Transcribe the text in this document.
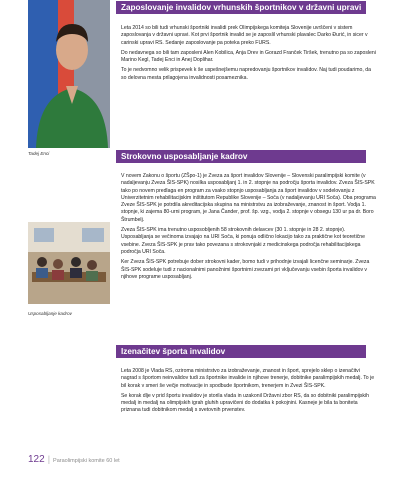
Tadej Enci
Usposabljanje kadrov
Zaposlovanje invalidov vrhunskih športnikov v državni upravi

Leta 2014 so bili tudi vrhunski športniki invalidi prek Olimpijskega komiteja Slovenije uvrščeni v sistem zaposlovanja v državni upravi. Kot prvi športnik invalid se je zaposlil vrhunski plavalec Darko Đurić, in sicer v carinski upravi RS. Sedanje zaposlovanje pa poteka preko FURS.

Do nedavnega so bili tam zaposleni Alen Kobilica, Anja Drev in Gorazd Franček Tiršek, trenutno pa so zaposleni Marino Kegl, Tadej Enci in Anej Doplihar.

To je nedvomno velik prispevek k še uspešnejšemu napredovanju športnikov invalidov. Naj tudi poudarimo, da so delovna mesta prilagojena invalidnosti posameznika.

Strokovno usposabljanje kadrov

V novem Zakonu o športu (ZŠpo-1) je Zveza za šport invalidov Slovenije – Slovenski paralimpijski komite (v nadaljevanju Zveza ŠIS-SPK) nosilka usposabljanj 1. in 2. stopnje na področju športa invalidov. Zveza ŠIS-SPK tako po novem predlaga en program za vsako stopnjo usposabljanja za šport invalidov v sodelovanju z Univerzitetnim rehabilitacijskim inštitutom Republike Slovenije – Soča (v nadaljevanju URI Soča). Oba programa Zveze ŠIS-SPK je potrdila akreditacijska skupina na ministrstvu za izobraževanje, znanost in šport. Vodja 1. stopnje, ki zajema 80-urni program, je Jana Čander, prof. šp. vzg., vodja 2. stopnje v obsegu 130 ur pa dr. Boro Štrumbelj.

Zveza ŠIS-SPK ima trenutno usposobljenih 58 strokovnih delavcev (30 1. stopnje in 28 2. stopnje). Usposabljanja se večinoma izvajajo na URI Soča, ki ponuja odlično lokacijo tako za praktične kot teoretične vsebine. Zveza ŠIS-SPK je prav tako povezana s strokovnjaki z medicinskega področja rehabilitacijskega področja URI Soča.

Ker Zveza ŠIS-SPK potrebuje dober strokovni kader, bomo tudi v prihodnje izvajali licenčne seminarje. Zveza ŠIS-SPK sodeluje tudi z nacionalnimi panožnimi športnimi zvezami pri vključevanju vsebin športa invalidov v njihove programe usposabljanj.

Izenačitev športa invalidov

Leta 2008 je Vlada RS, oziroma ministrstvo za izobraževanje, znanost in šport, sprejelo sklep o izenačitvi nagrad s športom neinvalidov tudi za športnike invalide in njihove trenerje, dobitnike paralimpijskih medalj. To je bil korak v smeri še večje motivacije in spodbude športnikom, trenerjem in Zvezi ŠIS-SPK.

Se korak dlje v prid športu invalidov je storila vlada in uzakonil Državni zbor RS, da so dobitniki paralimpijskih medalj in medalj na olimpijskih igrah gluhih upravičeni do dodatka k pokojnini. Kasneje je bila ta boniteta priznana tudi dobitnikom medalj s svetovnih prvenstev.

122 | Paraolimpijski komite 60 let
